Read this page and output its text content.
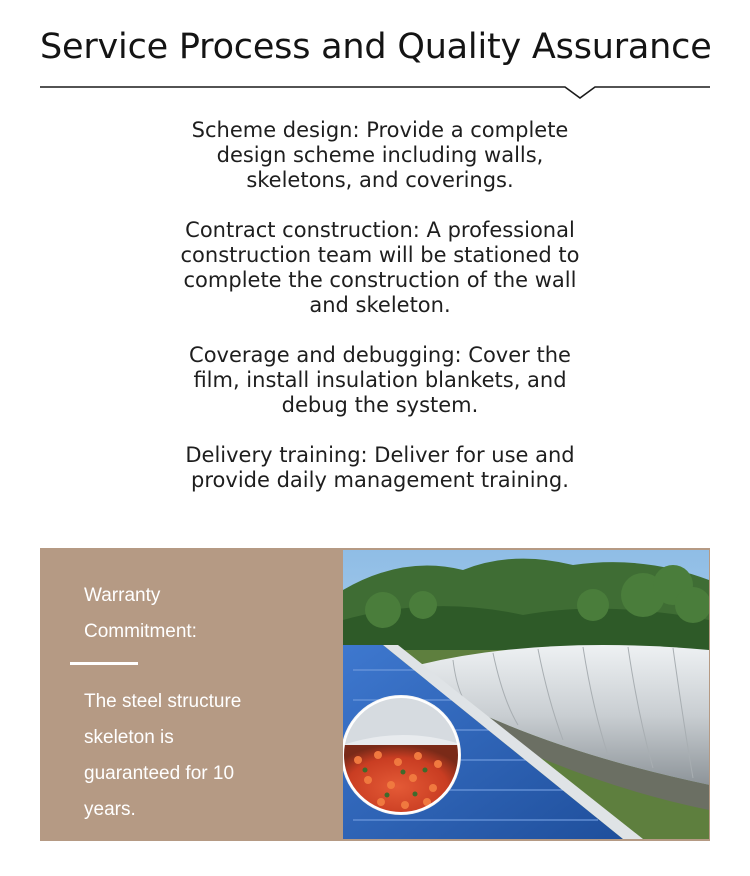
Service Process and Quality Assurance
Scheme design: Provide a complete
design scheme including walls,
skeletons, and coverings.
Contract construction: A professional
construction team will be stationed to
complete the construction of the wall
and skeleton.
Coverage and debugging: Cover the
film, install insulation blankets, and
debug the system.
Delivery training: Deliver for use and
provide daily management training.
Warranty
Commitment:
The steel structure
skeleton is
guaranteed for 10
years.
